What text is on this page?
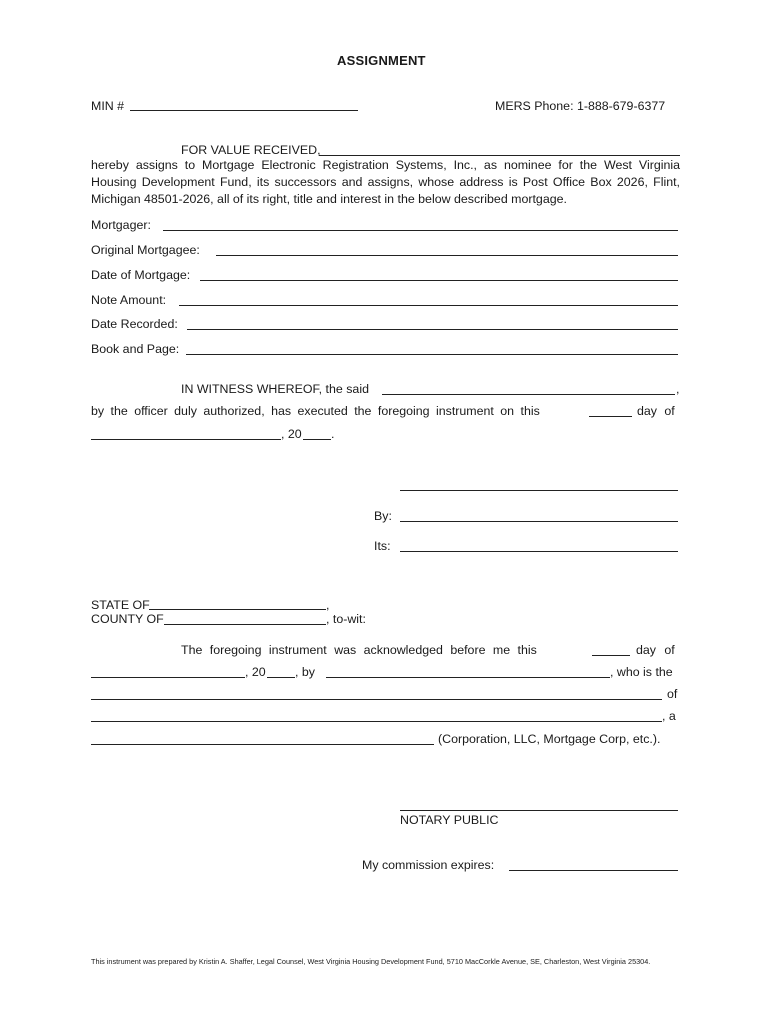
ASSIGNMENT
MIN #	MERS Phone: 1-888-679-6377
FOR VALUE RECEIVED,
hereby assigns to Mortgage Electronic Registration Systems, Inc., as nominee for the West Virginia Housing Development Fund, its successors and assigns, whose address is Post Office Box 2026, Flint, Michigan 48501-2026, all of its right, title and interest in the below described mortgage.
Mortgager:
Original Mortgagee:
Date of Mortgage:
Note Amount:
Date Recorded:
Book and Page:
IN WITNESS WHEREOF, the said	,
by the officer duly authorized, has executed the foregoing instrument on this	day of
, 20 .
By:
Its:
STATE OF	,
COUNTY OF	, to-wit:
The foregoing instrument was acknowledged before me this	day of
, 20 , by	, who is the
of
, a
(Corporation, LLC, Mortgage Corp, etc.).
NOTARY PUBLIC
My commission expires:
This instrument was prepared by Kristin A. Shaffer, Legal Counsel, West Virginia Housing Development Fund, 5710 MacCorkle Avenue, SE, Charleston, West Virginia 25304.
